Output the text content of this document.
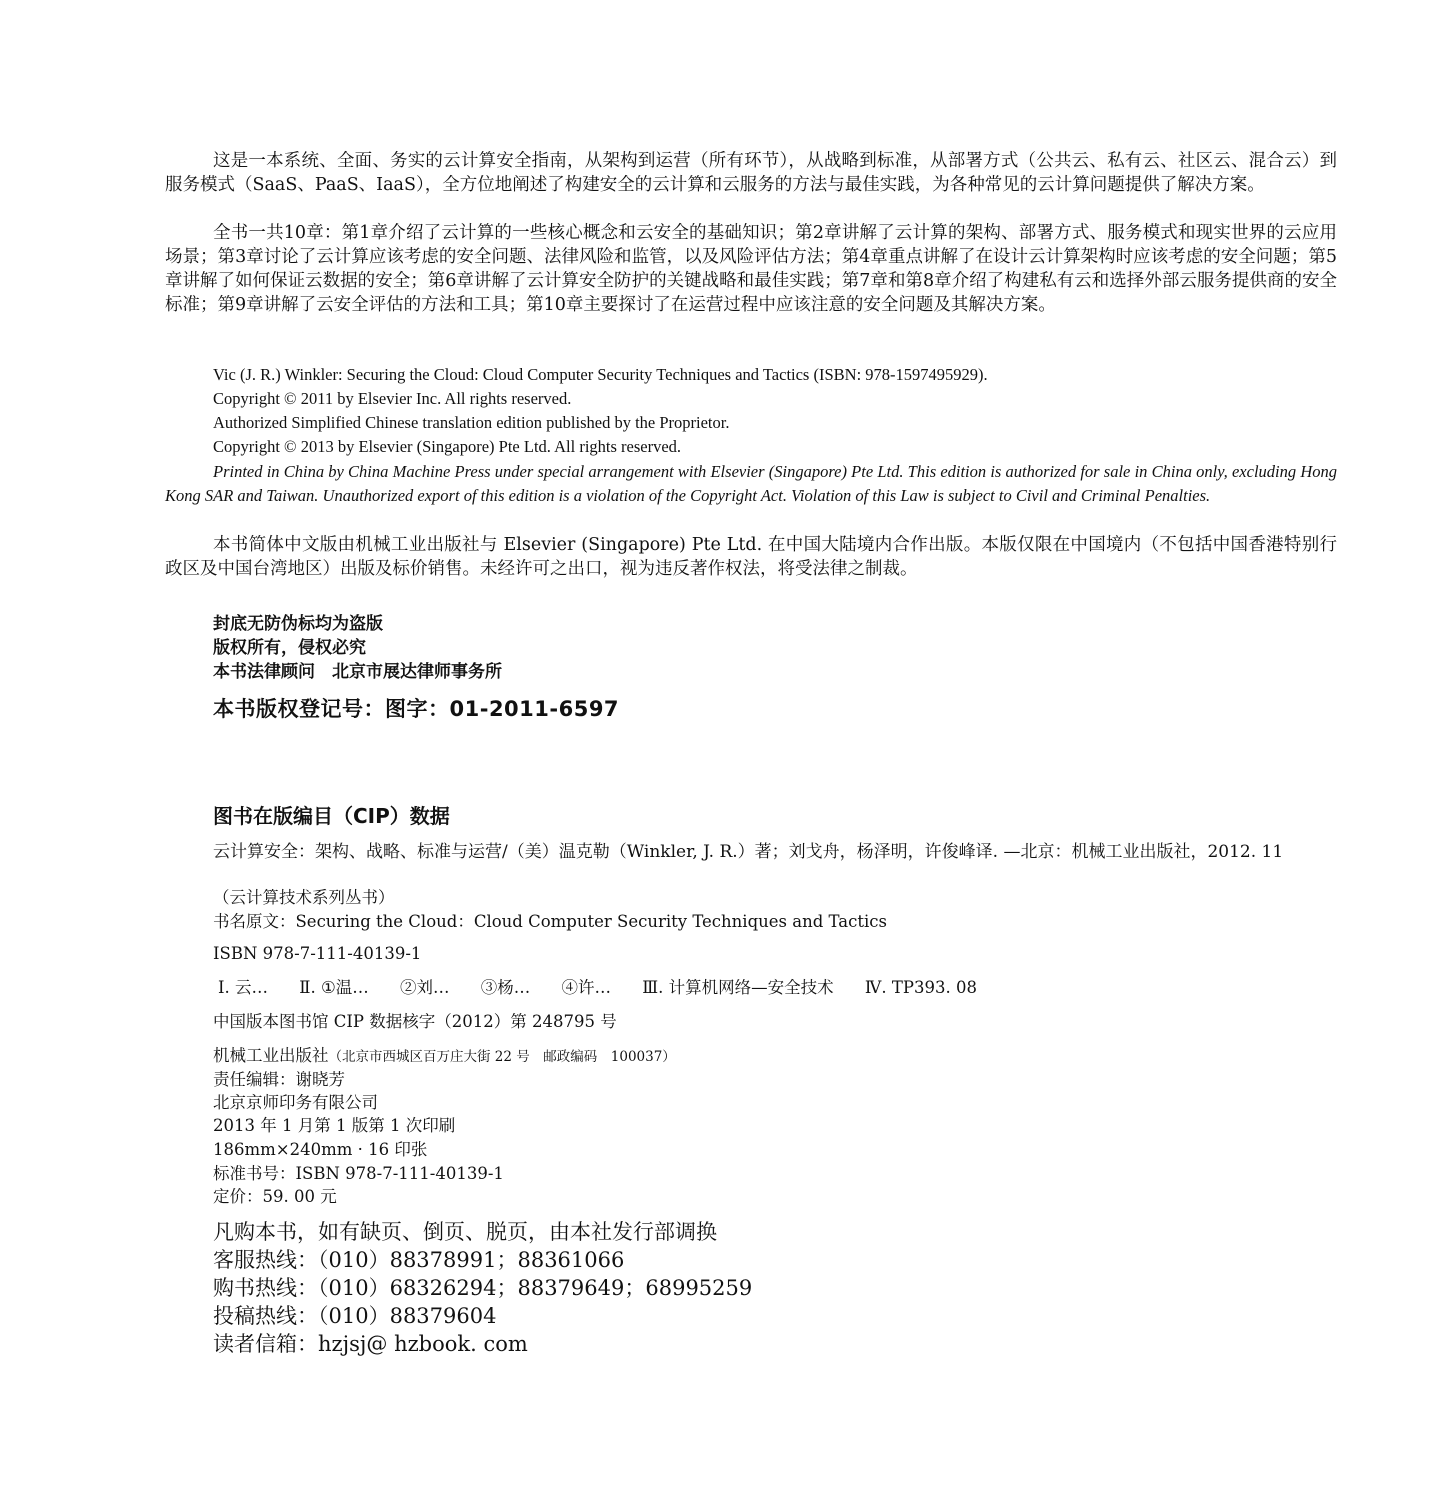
这是一本系统、全面、务实的云计算安全指南，从架构到运营（所有环节），从战略到标准，从部署方式（公共云、私有云、社区云、混合云）到服务模式（SaaS、PaaS、IaaS），全方位地阐述了构建安全的云计算和云服务的方法与最佳实践，为各种常见的云计算问题提供了解决方案。
全书一共10章：第1章介绍了云计算的一些核心概念和云安全的基础知识；第2章讲解了云计算的架构、部署方式、服务模式和现实世界的云应用场景；第3章讨论了云计算应该考虑的安全问题、法律风险和监管，以及风险评估方法；第4章重点讲解了在设计云计算架构时应该考虑的安全问题；第5章讲解了如何保证云数据的安全；第6章讲解了云计算安全防护的关键战略和最佳实践；第7章和第8章介绍了构建私有云和选择外部云服务提供商的安全标准；第9章讲解了云安全评估的方法和工具；第10章主要探讨了在运营过程中应该注意的安全问题及其解决方案。
Vic (J. R.) Winkler: Securing the Cloud: Cloud Computer Security Techniques and Tactics (ISBN: 978-1597495929).
Copyright © 2011 by Elsevier Inc. All rights reserved.
Authorized Simplified Chinese translation edition published by the Proprietor.
Copyright © 2013 by Elsevier (Singapore) Pte Ltd. All rights reserved.
Printed in China by China Machine Press under special arrangement with Elsevier (Singapore) Pte Ltd. This edition is authorized for sale in China only, excluding Hong Kong SAR and Taiwan. Unauthorized export of this edition is a violation of the Copyright Act. Violation of this Law is subject to Civil and Criminal Penalties.
本书简体中文版由机械工业出版社与 Elsevier (Singapore) Pte Ltd. 在中国大陆境内合作出版。本版仅限在中国境内（不包括中国香港特别行政区及中国台湾地区）出版及标价销售。未经许可之出口，视为违反著作权法，将受法律之制裁。
封底无防伪标均为盗版
版权所有，侵权必究
本书法律顾问　北京市展达律师事务所
本书版权登记号：图字：01-2011-6597
图书在版编目（CIP）数据
云计算安全：架构、战略、标准与运营/（美）温克勒（Winkler, J. R.）著；刘戈舟，杨泽明，许俊峰译. —北京：机械工业出版社，2012. 11
（云计算技术系列丛书）
书名原文：Securing the Cloud：Cloud Computer Security Techniques and Tactics
ISBN 978-7-111-40139-1
Ⅰ. 云… Ⅱ. ①温… ②刘… ③杨… ④许… Ⅲ. 计算机网络—安全技术 Ⅳ. TP393. 08
中国版本图书馆 CIP 数据核字（2012）第 248795 号
机械工业出版社（北京市西城区百万庄大街 22 号　邮政编码　100037）
责任编辑：谢晓芳
北京京师印务有限公司
2013 年 1 月第 1 版第 1 次印刷
186mm×240mm · 16 印张
标准书号：ISBN 978-7-111-40139-1
定价：59. 00 元
凡购本书，如有缺页、倒页、脱页，由本社发行部调换
客服热线：（010）88378991；88361066
购书热线：（010）68326294；88379649；68995259
投稿热线：（010）88379604
读者信箱：hzjsj@ hzbook. com
